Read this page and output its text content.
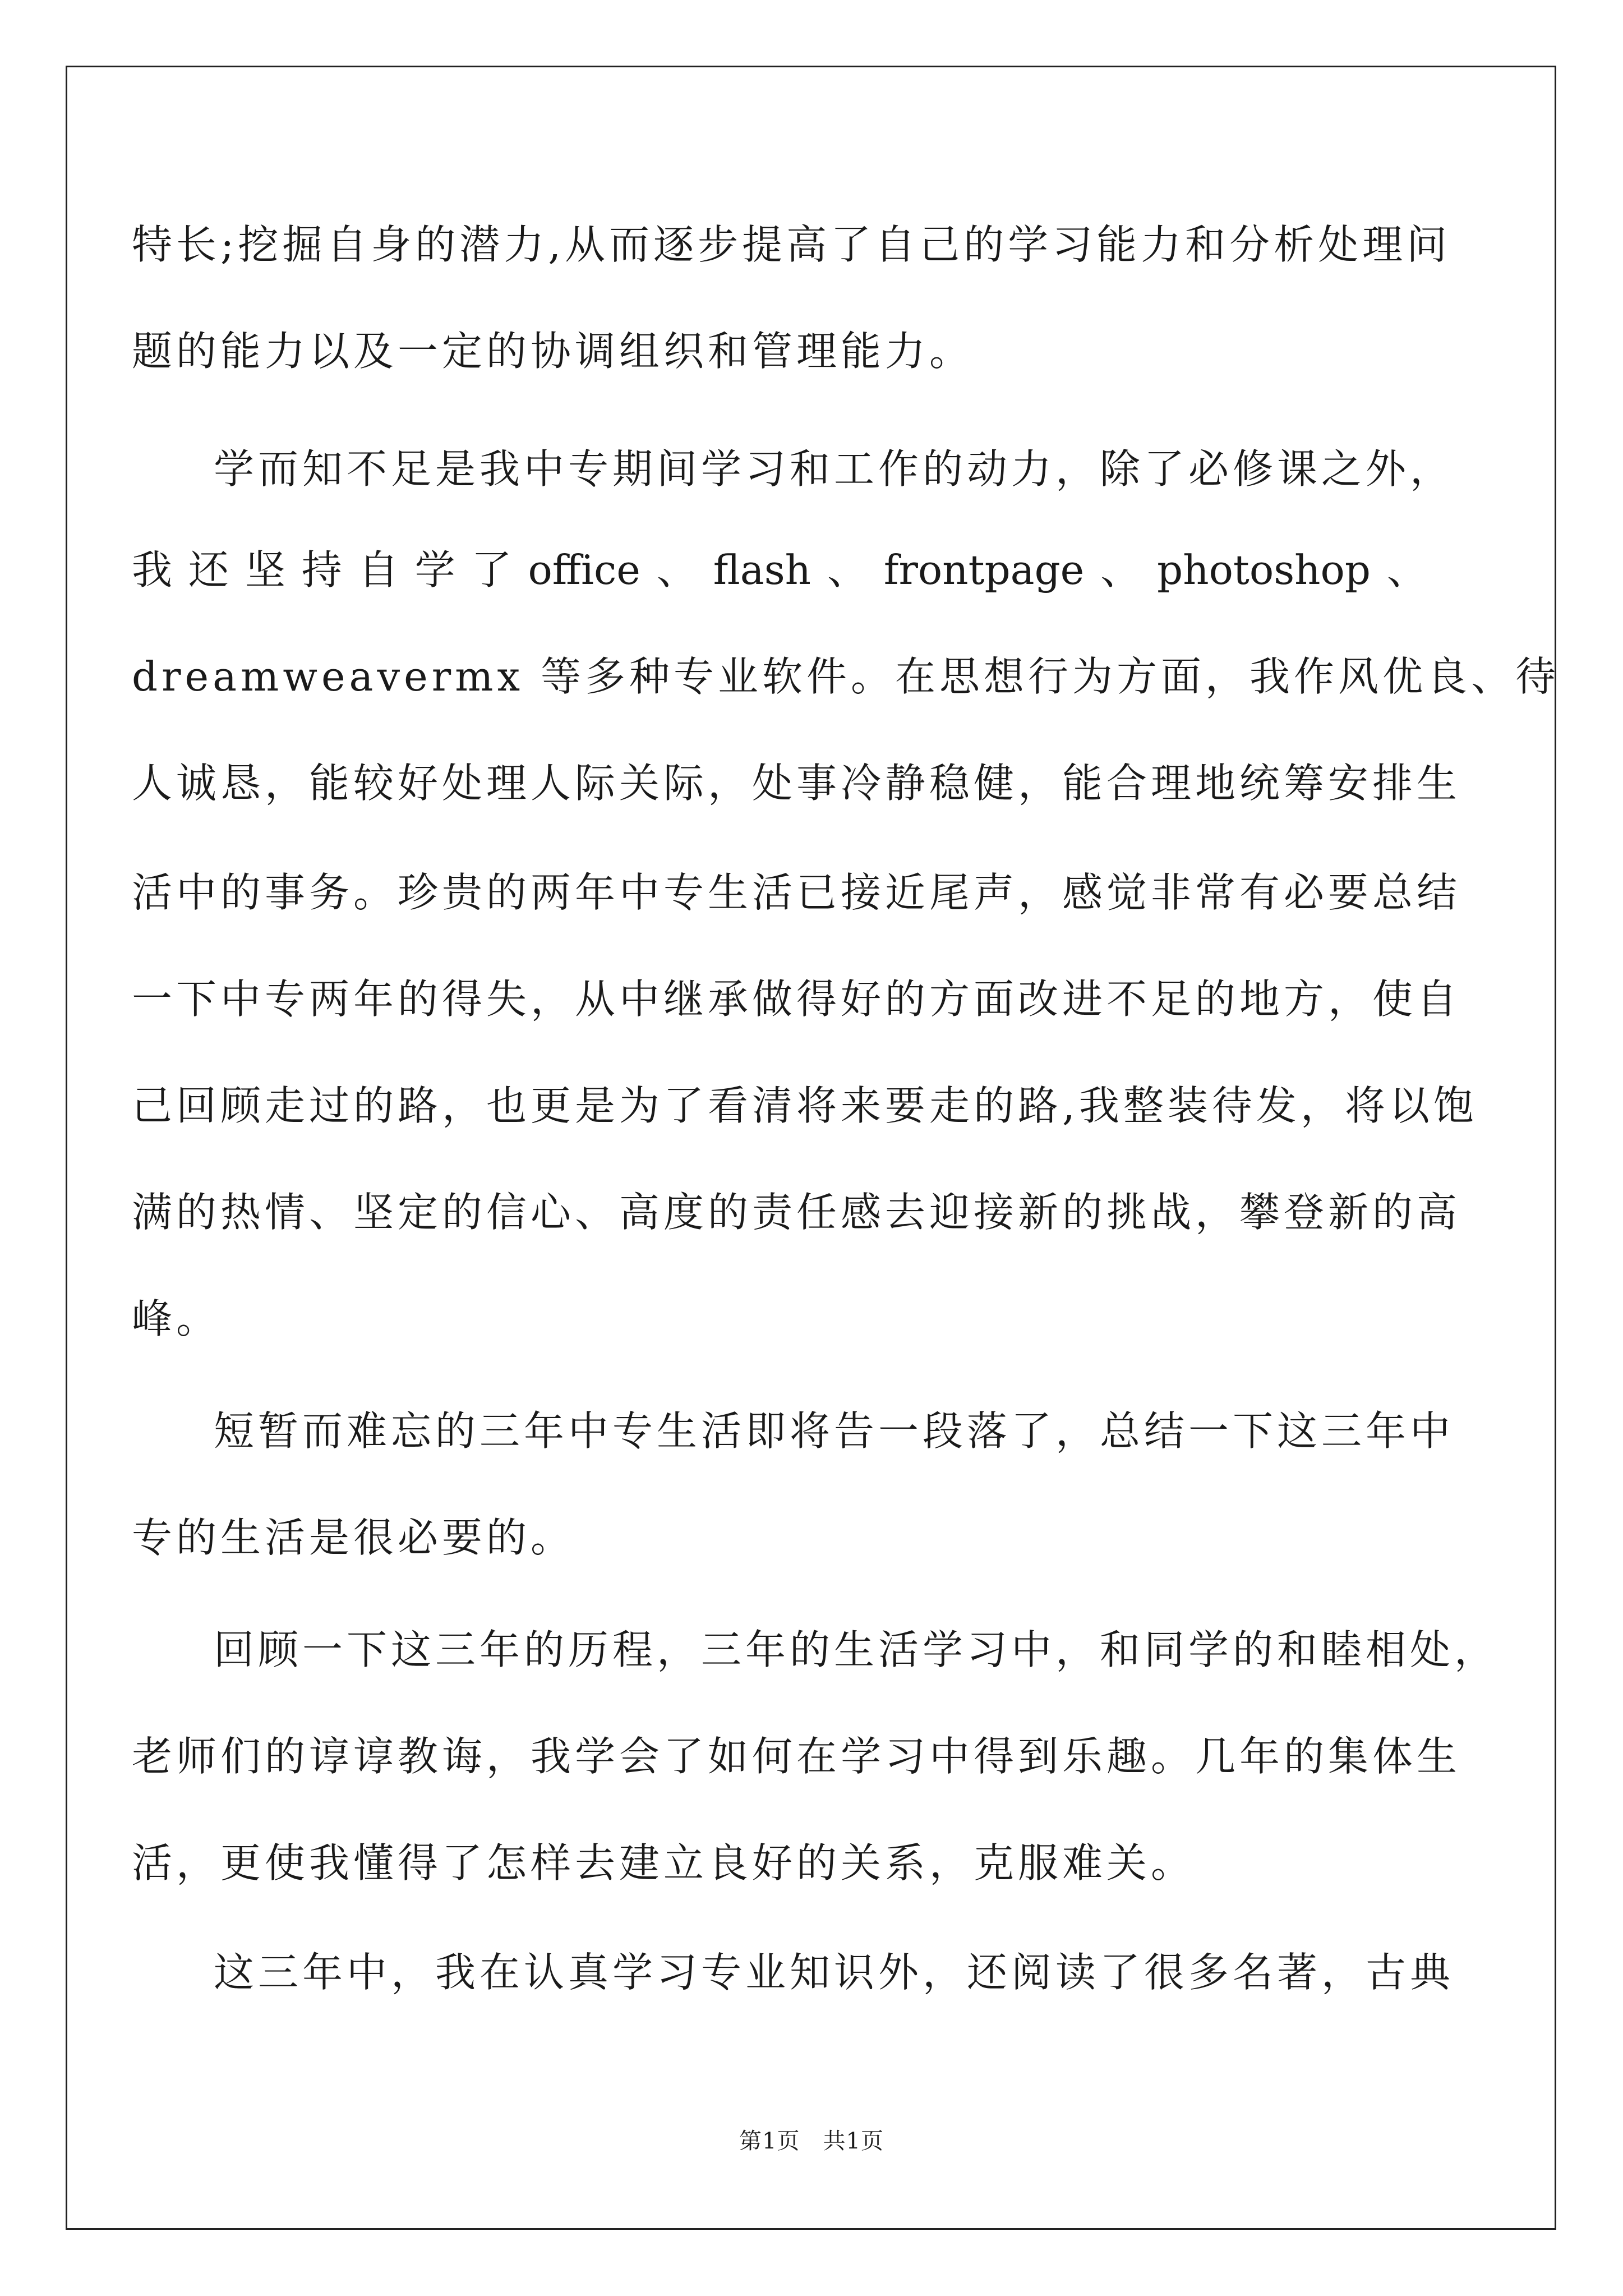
特长;挖掘自身的潜力,从而逐步提高了自己的学习能力和分析处理问
题的能力以及一定的协调组织和管理能力。
学而知不足是我中专期间学习和工作的动力，除了必修课之外，
我 还 坚 持 自 学 了 office 、 flash 、 frontpage 、 photoshop 、
dreamweavermx 等多种专业软件。在思想行为方面，我作风优良、待
人诚恳，能较好处理人际关际，处事冷静稳健，能合理地统筹安排生
活中的事务。珍贵的两年中专生活已接近尾声，感觉非常有必要总结
一下中专两年的得失，从中继承做得好的方面改进不足的地方，使自
己回顾走过的路，也更是为了看清将来要走的路,我整装待发，将以饱
满的热情、坚定的信心、高度的责任感去迎接新的挑战，攀登新的高
峰。
短暂而难忘的三年中专生活即将告一段落了，总结一下这三年中
专的生活是很必要的。
回顾一下这三年的历程，三年的生活学习中，和同学的和睦相处，
老师们的谆谆教诲，我学会了如何在学习中得到乐趣。几年的集体生
活，更使我懂得了怎样去建立良好的关系，克服难关。
这三年中，我在认真学习专业知识外，还阅读了很多名著，古典
第1页　共1页
